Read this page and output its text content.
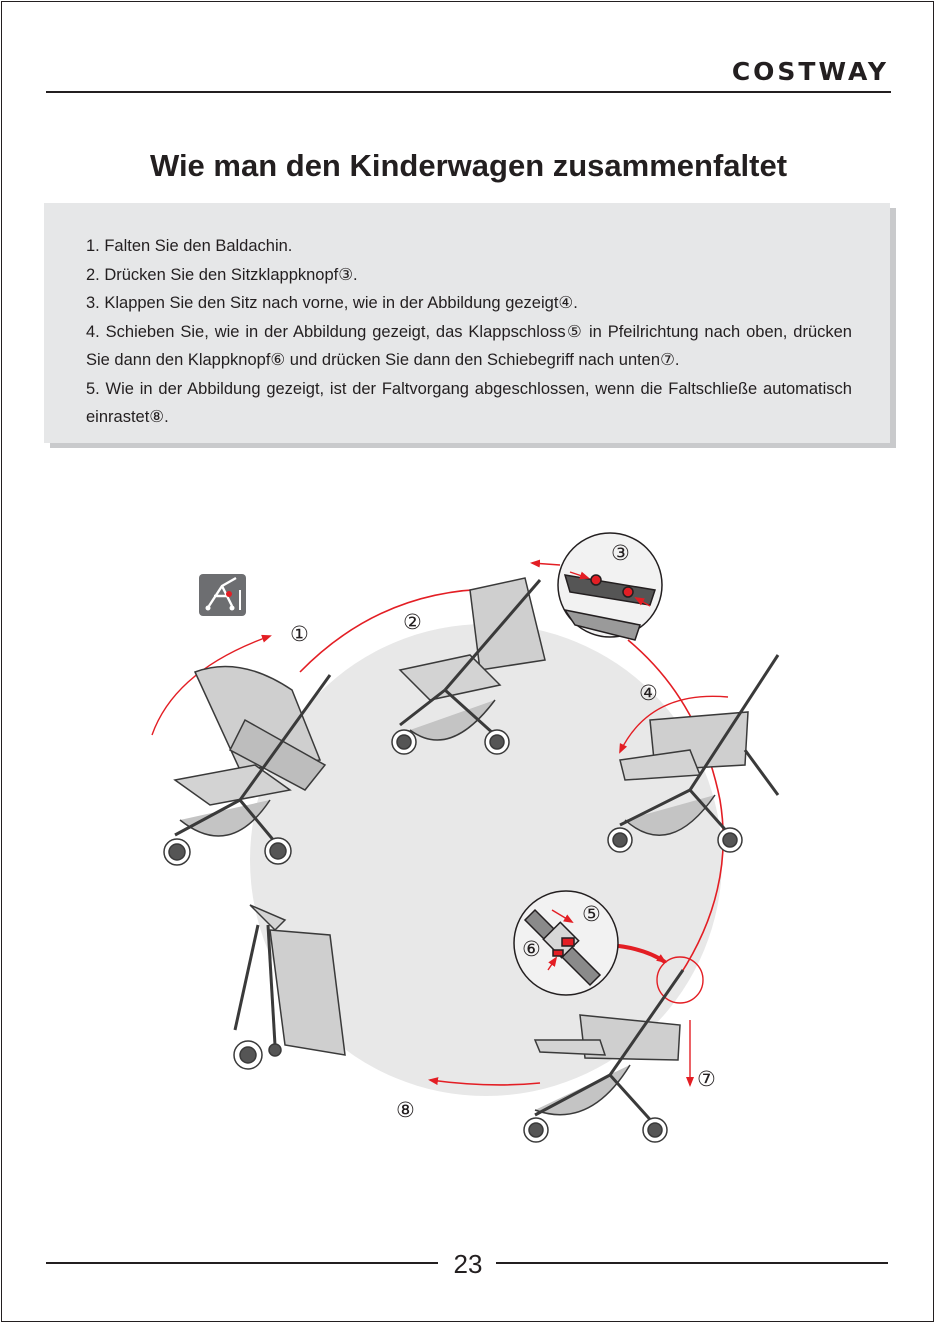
COSTWAY
Wie man den Kinderwagen zusammenfaltet

1. Falten Sie den Baldachin.

2. Drücken Sie den Sitzklappknopf③.

3. Klappen Sie den Sitz nach vorne, wie in der Abbildung gezeigt④.

4. Schieben Sie, wie in der Abbildung gezeigt, das Klappschloss⑤ in Pfeilrichtung nach oben, drücken Sie dann den Klappknopf⑥ und drücken Sie dann den Schiebegriff nach unten⑦.

5. Wie in der Abbildung gezeigt, ist der Faltvorgang abgeschlossen, wenn die Faltschließe automatisch einrastet⑧.

①
②
③
④
⑤
⑥
⑦
⑧
23
